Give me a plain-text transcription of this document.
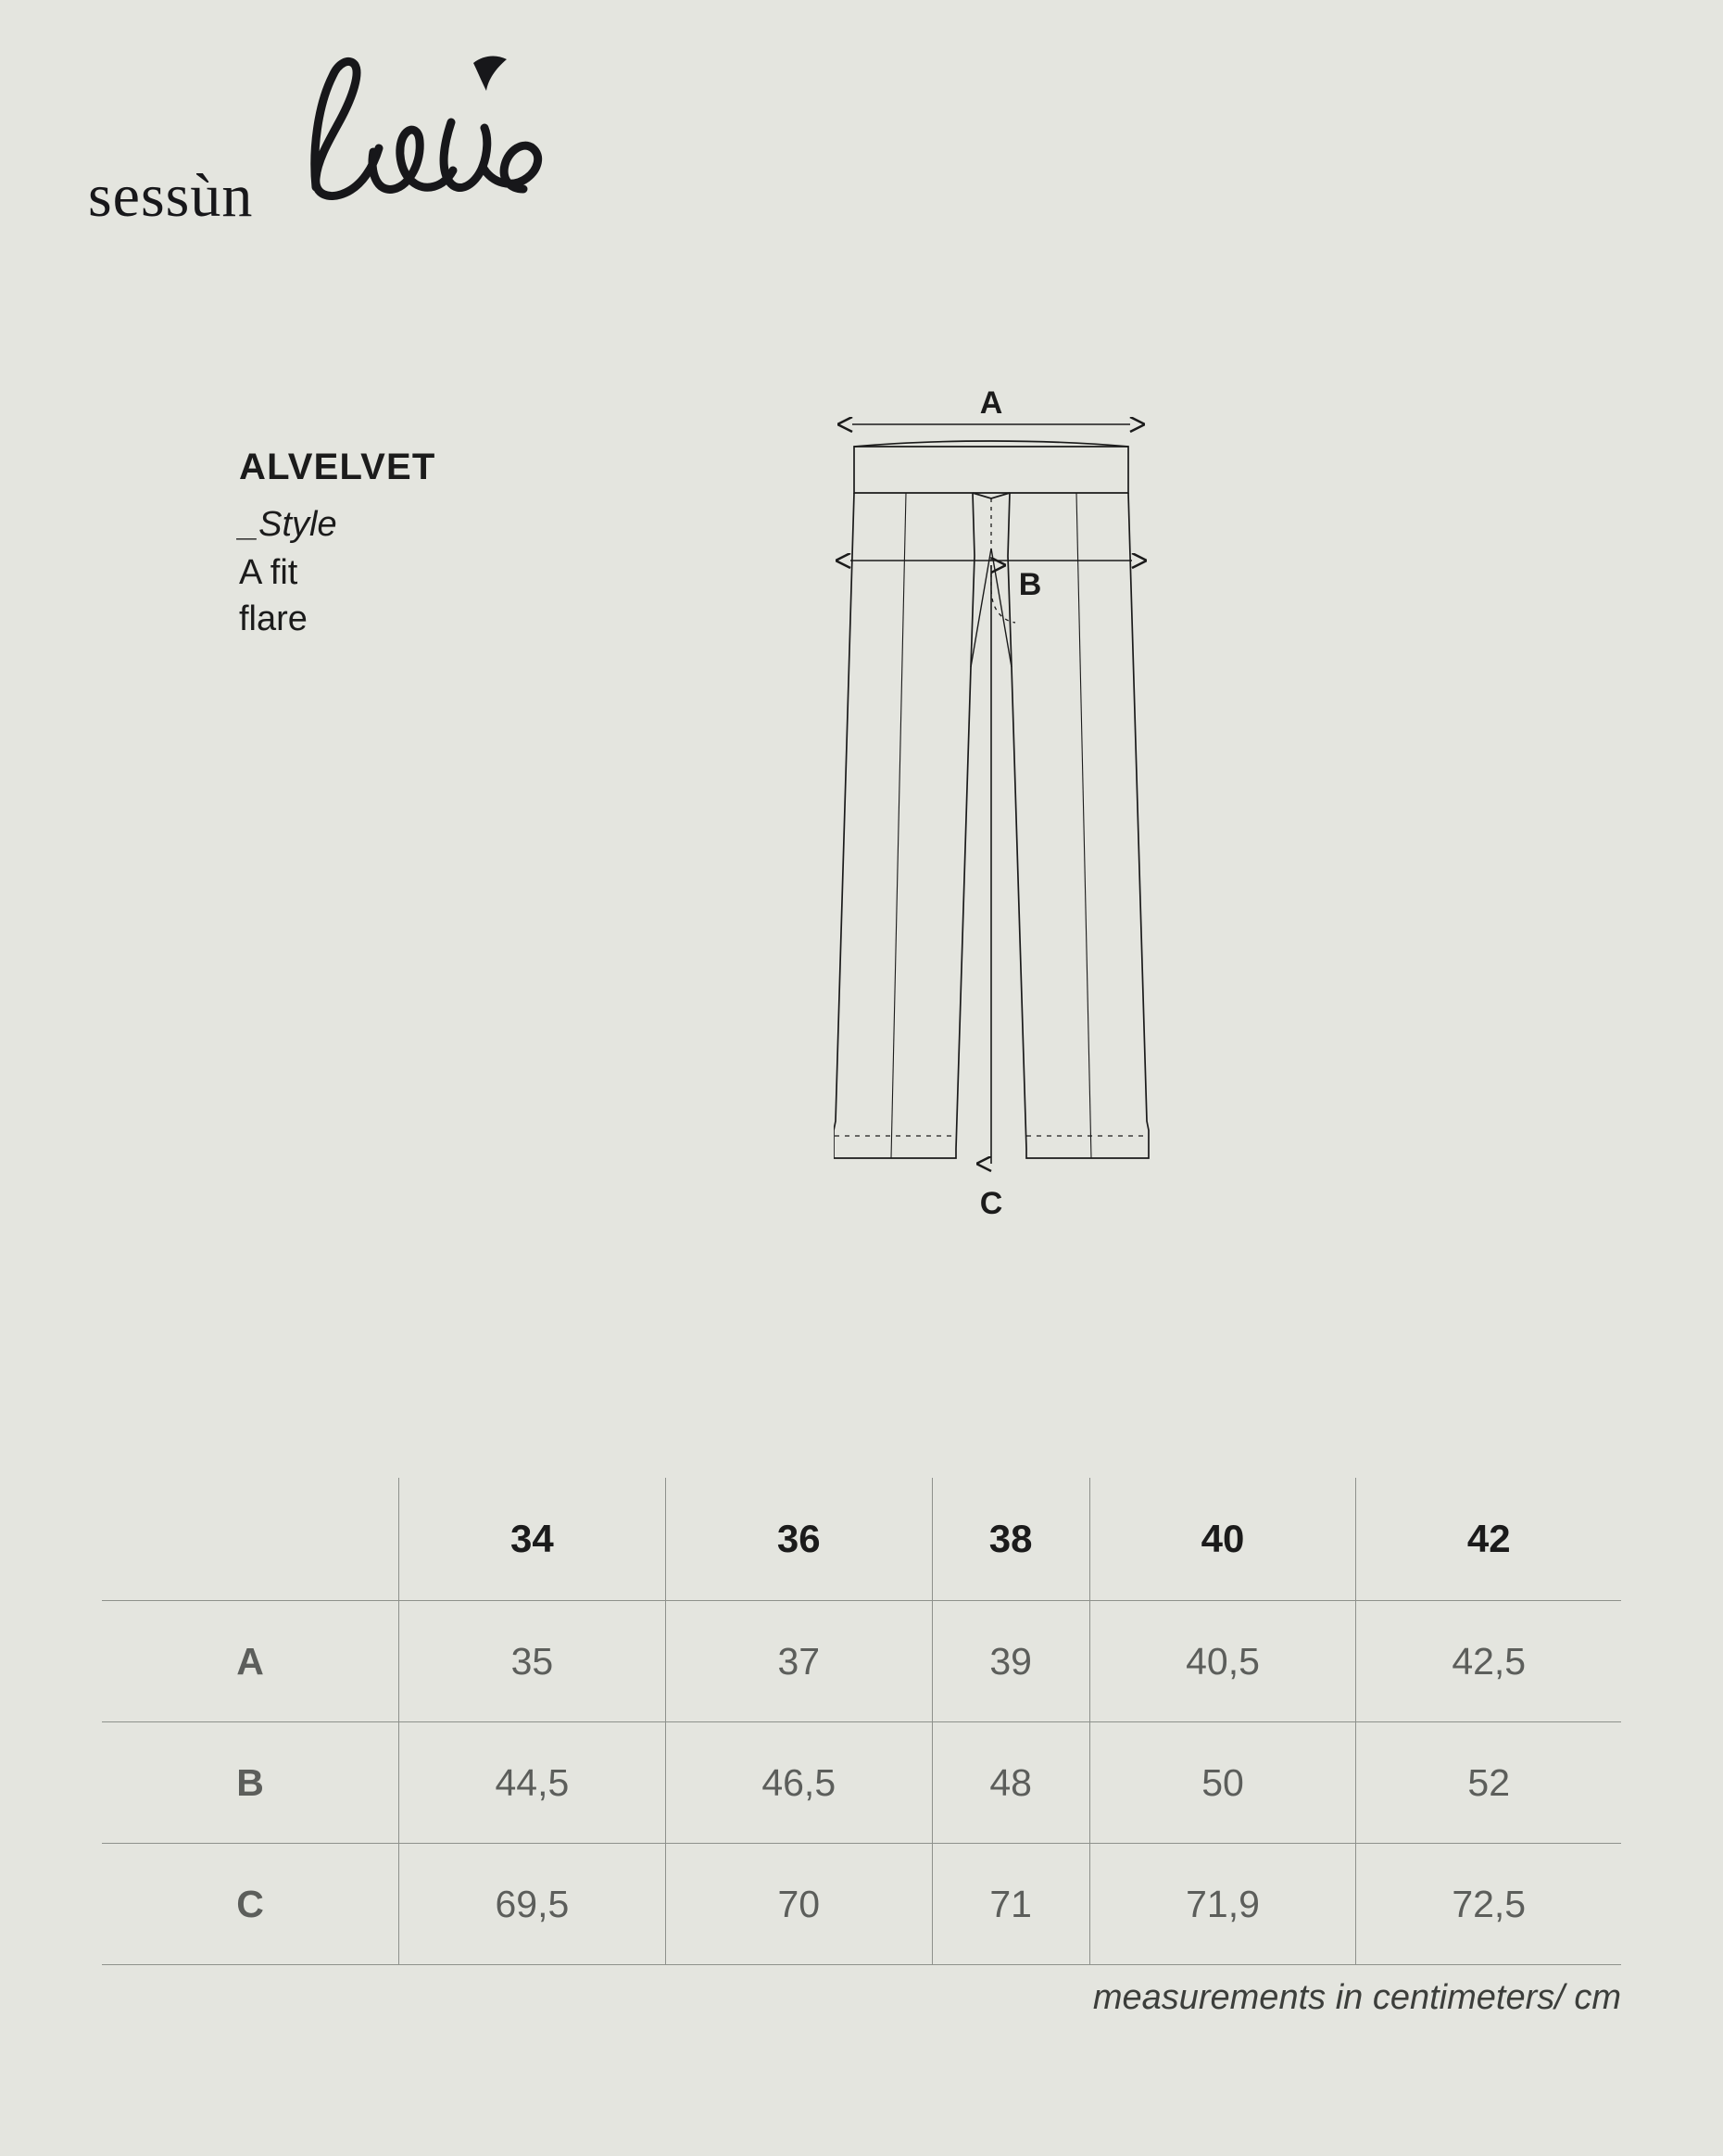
sessùn
ALVELVET
_Style
A fit
flare
A
B
C
	34	36	38	40	42
A	35	37	39	40,5	42,5
B	44,5	46,5	48	50	52
C	69,5	70	71	71,9	72,5

measurements in centimeters/ cm
